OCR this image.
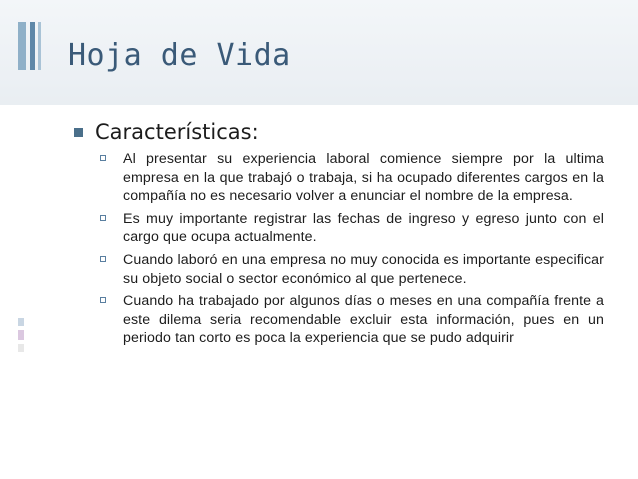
Hoja de Vida
Características:
Al presentar su experiencia laboral comience siempre por la ultima empresa en la que trabajó o trabaja, si ha ocupado diferentes cargos en la compañía no es necesario volver a enunciar el nombre de la empresa.
Es muy importante registrar las fechas de ingreso y egreso junto con el cargo que ocupa actualmente.
Cuando laboró en una empresa no muy conocida es importante especificar su objeto social o sector económico al que pertenece.
Cuando ha trabajado por algunos días o meses en una compañía frente a este dilema seria recomendable excluir esta información, pues en un periodo tan corto es poca la experiencia que se pudo adquirir
